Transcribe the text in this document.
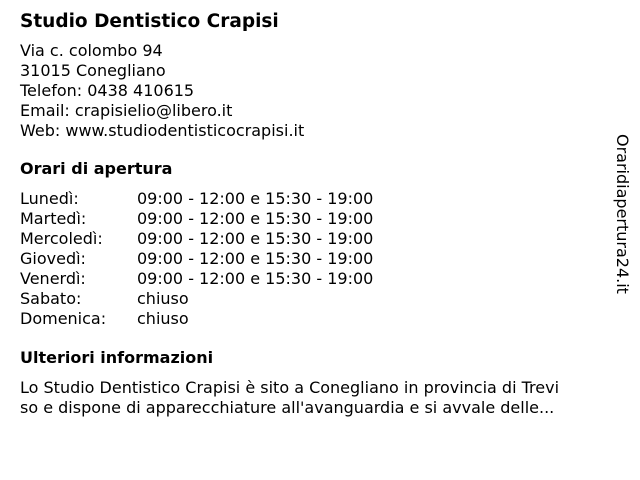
Studio Dentistico Crapisi
Via c. colombo 94
31015 Conegliano
Telefon: 0438 410615
Email: crapisielio@libero.it
Web: www.studiodentisticocrapisi.it
Orari di apertura
Lunedì:	09:00 - 12:00 e 15:30 - 19:00
Martedì:	09:00 - 12:00 e 15:30 - 19:00
Mercoledì:	09:00 - 12:00 e 15:30 - 19:00
Giovedì:	09:00 - 12:00 e 15:30 - 19:00
Venerdì:	09:00 - 12:00 e 15:30 - 19:00
Sabato:	chiuso
Domenica:	chiuso
Ulteriori informazioni
Lo Studio Dentistico Crapisi è sito a Conegliano in provincia di Trevi
so e dispone di apparecchiature all'avanguardia e si avvale delle...
Oraridiapertura24.it
